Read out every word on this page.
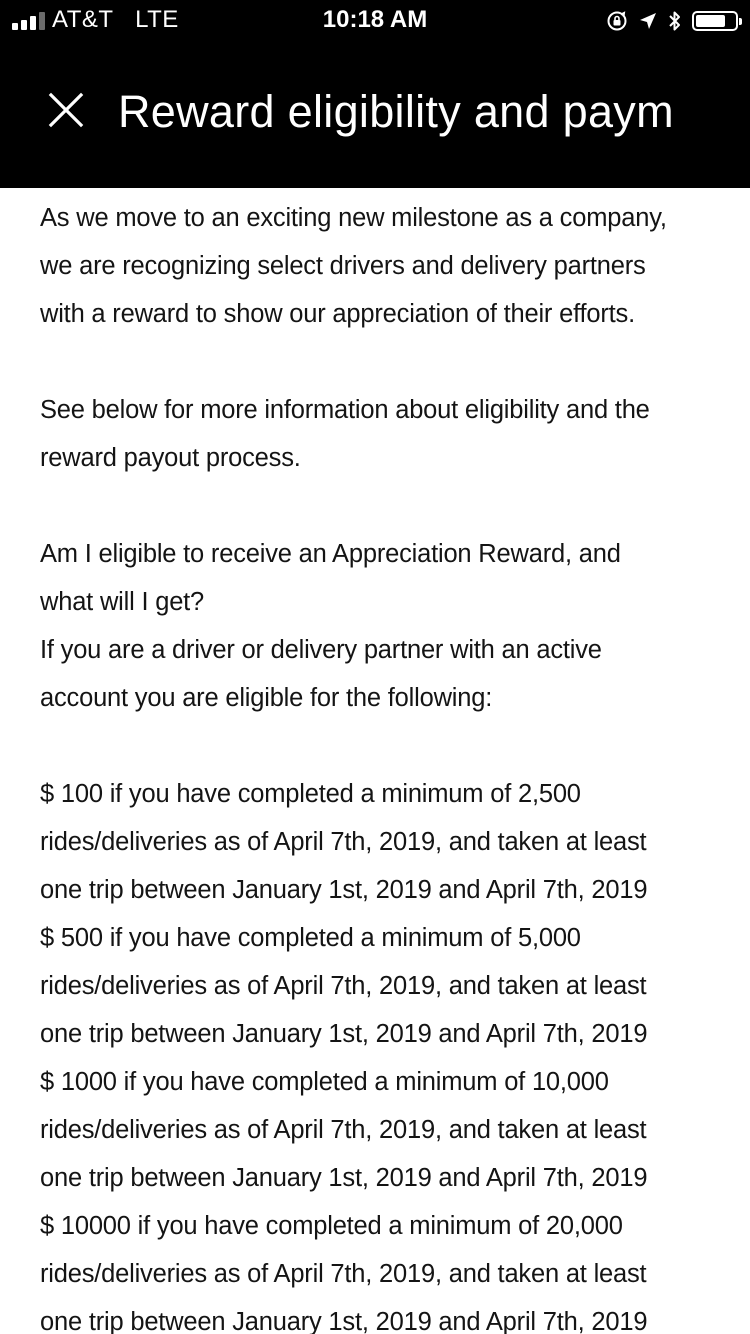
AT&T LTE	10:18 AM
Reward eligibility and paym
As we move to an exciting new milestone as a company,
we are recognizing select drivers and delivery partners
with a reward to show our appreciation of their efforts.
See below for more information about eligibility and the
reward payout process.
Am I eligible to receive an Appreciation Reward, and
what will I get?
If you are a driver or delivery partner with an active
account you are eligible for the following:
$ 100 if you have completed a minimum of 2,500
rides/deliveries as of April 7th, 2019, and taken at least
one trip between January 1st, 2019 and April 7th, 2019
$ 500 if you have completed a minimum of 5,000
rides/deliveries as of April 7th, 2019, and taken at least
one trip between January 1st, 2019 and April 7th, 2019
$ 1000 if you have completed a minimum of 10,000
rides/deliveries as of April 7th, 2019, and taken at least
one trip between January 1st, 2019 and April 7th, 2019
$ 10000 if you have completed a minimum of 20,000
rides/deliveries as of April 7th, 2019, and taken at least
one trip between January 1st, 2019 and April 7th, 2019
